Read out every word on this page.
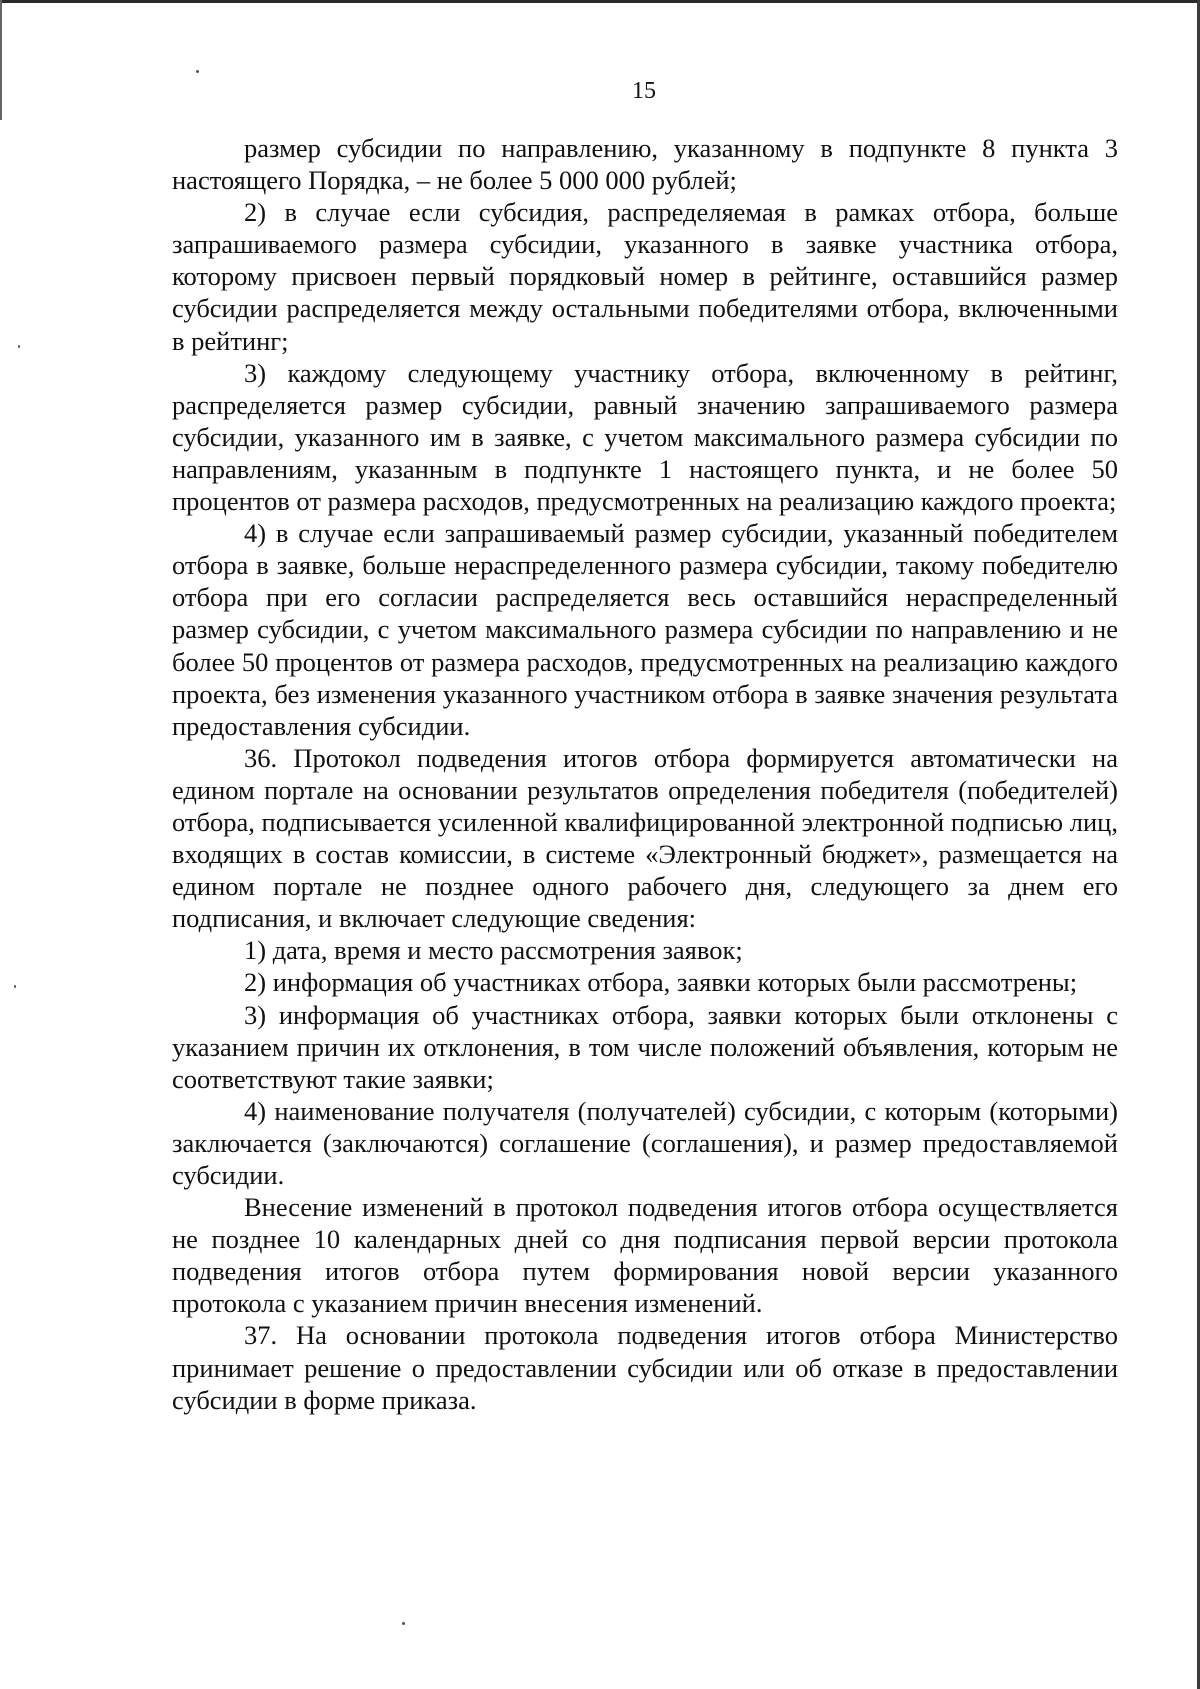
15

размер субсидии по направлению, указанному в подпункте 8 пункта 3 настоящего Порядка, – не более 5 000 000 рублей;

2) в случае если субсидия, распределяемая в рамках отбора, больше запрашиваемого размера субсидии, указанного в заявке участника отбора, которому присвоен первый порядковый номер в рейтинге, оставшийся размер субсидии распределяется между остальными победителями отбора, включенными в рейтинг;

3) каждому следующему участнику отбора, включенному в рейтинг, распределяется размер субсидии, равный значению запрашиваемого размера субсидии, указанного им в заявке, с учетом максимального размера субсидии по направлениям, указанным в подпункте 1 настоящего пункта, и не более 50 процентов от размера расходов, предусмотренных на реализацию каждого проекта;

4) в случае если запрашиваемый размер субсидии, указанный победителем отбора в заявке, больше нераспределенного размера субсидии, такому победителю отбора при его согласии распределяется весь оставшийся нераспределенный размер субсидии, с учетом максимального размера субсидии по направлению и не более 50 процентов от размера расходов, предусмотренных на реализацию каждого проекта, без изменения указанного участником отбора в заявке значения результата предоставления субсидии.

36. Протокол подведения итогов отбора формируется автоматически на едином портале на основании результатов определения победителя (победителей) отбора, подписывается усиленной квалифицированной электронной подписью лиц, входящих в состав комиссии, в системе «Электронный бюджет», размещается на едином портале не позднее одного рабочего дня, следующего за днем его подписания, и включает следующие сведения:

1) дата, время и место рассмотрения заявок;

2) информация об участниках отбора, заявки которых были рассмотрены;

3) информация об участниках отбора, заявки которых были отклонены с указанием причин их отклонения, в том числе положений объявления, которым не соответствуют такие заявки;

4) наименование получателя (получателей) субсидии, с которым (которыми) заключается (заключаются) соглашение (соглашения), и размер предоставляемой субсидии.

Внесение изменений в протокол подведения итогов отбора осуществляется не позднее 10 календарных дней со дня подписания первой версии протокола подведения итогов отбора путем формирования новой версии указанного протокола с указанием причин внесения изменений.

37. На основании протокола подведения итогов отбора Министерство принимает решение о предоставлении субсидии или об отказе в предоставлении субсидии в форме приказа.
